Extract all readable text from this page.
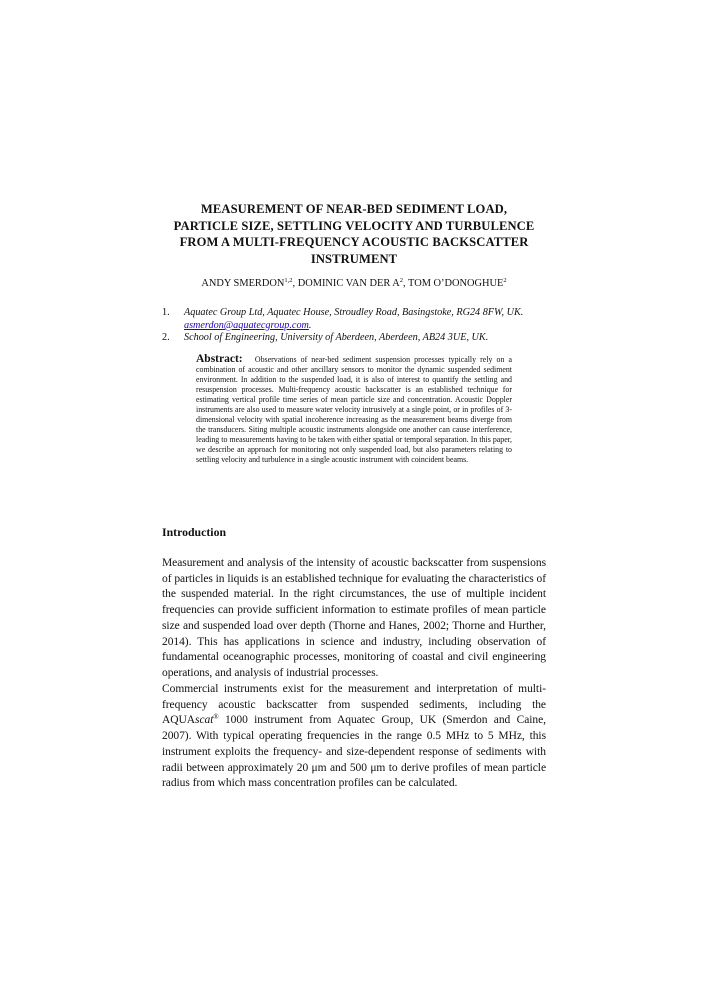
MEASUREMENT OF NEAR-BED SEDIMENT LOAD,
PARTICLE SIZE, SETTLING VELOCITY AND TURBULENCE
FROM A MULTI-FREQUENCY ACOUSTIC BACKSCATTER
INSTRUMENT
ANDY SMERDON$^{1,2}$, DOMINIC VAN DER $A^2$, TOM O’DONOGHUE$^2$
1. Aquatec Group Ltd, Aquatec House, Stroudley Road, Basingstoke, RG24 8FW, UK.
asmerdon@aquatecgroup.com.
2. School of Engineering, University of Aberdeen, Aberdeen, AB24 3UE, UK.
Abstract: Observations of near-bed sediment suspension processes typically rely on a combination of acoustic and other ancillary sensors to monitor the dynamic suspended sediment environment. In addition to the suspended load, it is also of interest to quantify the settling and resuspension processes. Multi-frequency acoustic backscatter is an established technique for estimating vertical profile time series of mean particle size and concentration. Acoustic Doppler instruments are also used to measure water velocity intrusively at a single point, or in profiles of 3-dimensional velocity with spatial incoherence increasing as the measurement beams diverge from the transducers. Siting multiple acoustic instruments alongside one another can cause interference, leading to measurements having to be taken with either spatial or temporal separation. In this paper, we describe an approach for monitoring not only suspended load, but also parameters relating to settling velocity and turbulence in a single acoustic instrument with coincident beams.
Introduction
Measurement and analysis of the intensity of acoustic backscatter from suspensions of particles in liquids is an established technique for evaluating the characteristics of the suspended material. In the right circumstances, the use of multiple incident frequencies can provide sufficient information to estimate profiles of mean particle size and suspended load over depth (Thorne and Hanes, 2002; Thorne and Hurther, 2014). This has applications in science and industry, including observation of fundamental oceanographic processes, monitoring of coastal and civil engineering operations, and analysis of industrial processes.
Commercial instruments exist for the measurement and interpretation of multi-frequency acoustic backscatter from suspended sediments, including the AQUAscat® 1000 instrument from Aquatec Group, UK (Smerdon and Caine, 2007). With typical operating frequencies in the range 0.5 MHz to 5 MHz, this instrument exploits the frequency- and size-dependent response of sediments with radii between approximately 20 μm and 500 μm to derive profiles of mean particle radius from which mass concentration profiles can be calculated.
